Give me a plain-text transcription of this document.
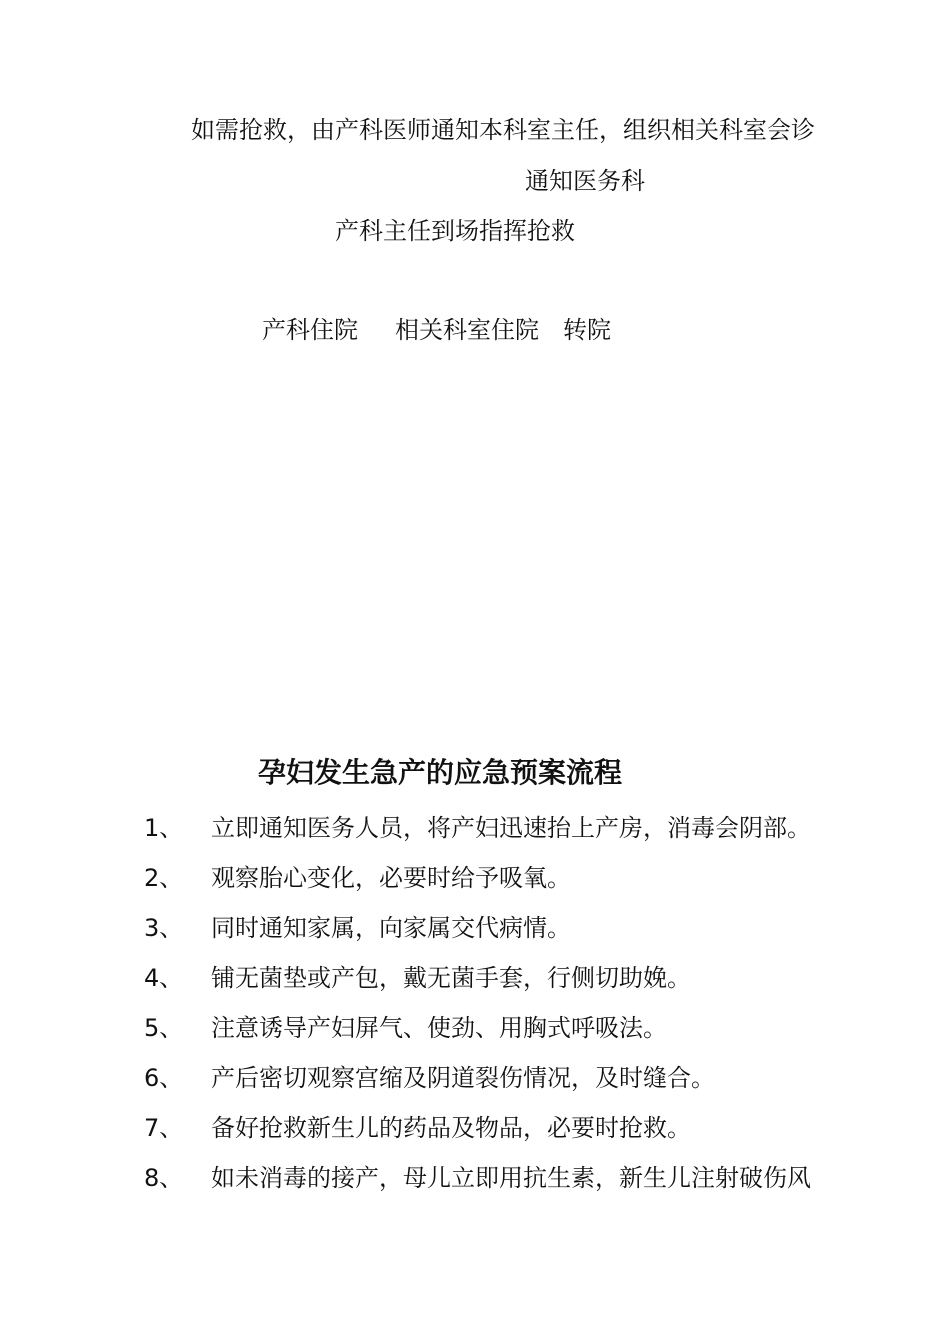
如需抢救，由产科医师通知本科室主任，组织相关科室会诊
通知医务科
产科主任到场指挥抢救
产科住院 相关科室住院 转院
孕妇发生急产的应急预案流程
1、 立即通知医务人员，将产妇迅速抬上产房，消毒会阴部。
2、 观察胎心变化，必要时给予吸氧。
3、 同时通知家属，向家属交代病情。
4、 铺无菌垫或产包，戴无菌手套，行侧切助娩。
5、 注意诱导产妇屏气、使劲、用胸式呼吸法。
6、 产后密切观察宫缩及阴道裂伤情况，及时缝合。
7、 备好抢救新生儿的药品及物品，必要时抢救。
8、 如未消毒的接产，母儿立即用抗生素，新生儿注射破伤风
